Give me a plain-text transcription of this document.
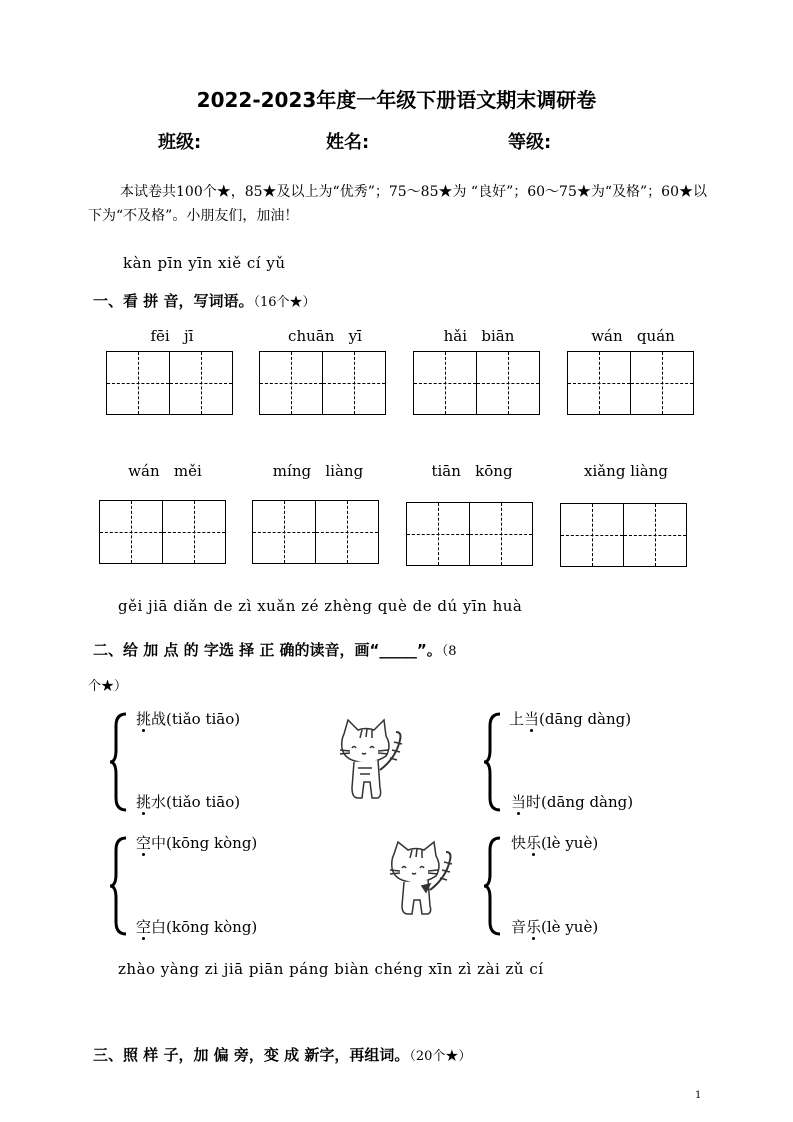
2022-2023年度一年级下册语文期末调研卷
班级:	姓名:	等级:
本试卷共100个★，85★及以上为“优秀”；75～85★为 “良好”；60～75★为“及格”；60★以下为“不及格”。小朋友们，加油！
kàn pīn yīn xiě cí yǔ
一、看 拼 音，写词语。（16个★）
fēi   jī	chuān   yī	hǎi   biān	wán   quán
wán   měi	míng   liàng	tiān   kōng	xiǎng liàng
gěi jiā diǎn de zì xuǎn zé zhèng què de dú yīn huà
二、给 加 点 的 字选 择 正 确的读音，画“_____”。（8
个★）
挑战(tiǎo tiāo)
挑水(tiǎo tiāo)
上当(dāng dàng)
当时(dāng dàng)
空中(kōng kòng)
空白(kōng kòng)
快乐(lè yuè)
音乐(lè yuè)
zhào yàng zi jiā piān páng biàn chéng xīn zì zài zǔ cí
三、照 样 子，加 偏 旁，变 成 新字，再组词。（20个★）
1
